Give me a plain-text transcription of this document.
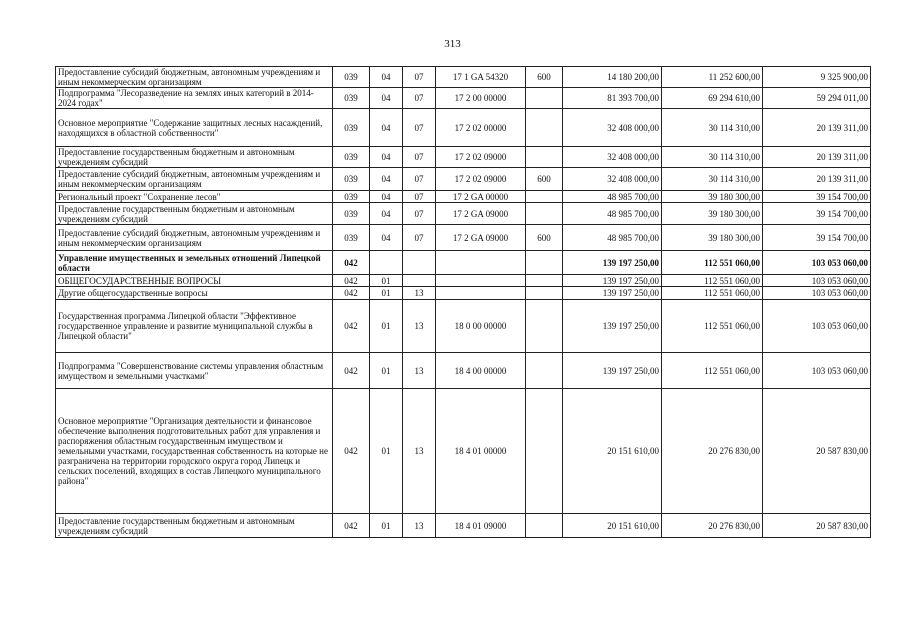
313
Предоставление субсидий бюджетным, автономным учреждениям и иным некоммерческим организациям	039	04	07	17 1 GA 54320	600	14 180 200,00	11 252 600,00	9 325 900,00
Подпрограмма "Лесоразведение на землях иных категорий в 2014-2024 годах"	039	04	07	17 2 00 00000		81 393 700,00	69 294 610,00	59 294 011,00
Основное мероприятие "Содержание защитных лесных насаждений, находящихся в областной собственности"	039	04	07	17 2 02 00000		32 408 000,00	30 114 310,00	20 139 311,00
Предоставление государственным бюджетным и автономным учреждениям субсидий	039	04	07	17 2 02 09000		32 408 000,00	30 114 310,00	20 139 311,00
Предоставление субсидий бюджетным, автономным учреждениям и иным некоммерческим организациям	039	04	07	17 2 02 09000	600	32 408 000,00	30 114 310,00	20 139 311,00
Региональный проект "Сохранение лесов"	039	04	07	17 2 GA 00000		48 985 700,00	39 180 300,00	39 154 700,00
Предоставление государственным бюджетным и автономным учреждениям субсидий	039	04	07	17 2 GA 09000		48 985 700,00	39 180 300,00	39 154 700,00
Предоставление субсидий бюджетным, автономным учреждениям и иным некоммерческим организациям	039	04	07	17 2 GA 09000	600	48 985 700,00	39 180 300,00	39 154 700,00
Управление имущественных и земельных отношений Липецкой области	042					139 197 250,00	112 551 060,00	103 053 060,00
ОБЩЕГОСУДАРСТВЕННЫЕ ВОПРОСЫ	042	01				139 197 250,00	112 551 060,00	103 053 060,00
Другие общегосударственные вопросы	042	01	13			139 197 250,00	112 551 060,00	103 053 060,00
Государственная программа Липецкой области "Эффективное государственное управление и развитие муниципальной службы в Липецкой области"	042	01	13	18 0 00 00000		139 197 250,00	112 551 060,00	103 053 060,00
Подпрограмма "Совершенствование системы управления областным имуществом и земельными участками"	042	01	13	18 4 00 00000		139 197 250,00	112 551 060,00	103 053 060,00
Основное мероприятие "Организация деятельности и финансовое обеспечение выполнения подготовительных работ для управления и распоряжения областным государственным имуществом и земельными участками, государственная собственность на которые не разграничена на территории городского округа город Липецк и сельских поселений, входящих в состав Липецкого муниципального района"	042	01	13	18 4 01 00000		20 151 610,00	20 276 830,00	20 587 830,00
Предоставление государственным бюджетным и автономным учреждениям субсидий	042	01	13	18 4 01 09000		20 151 610,00	20 276 830,00	20 587 830,00
